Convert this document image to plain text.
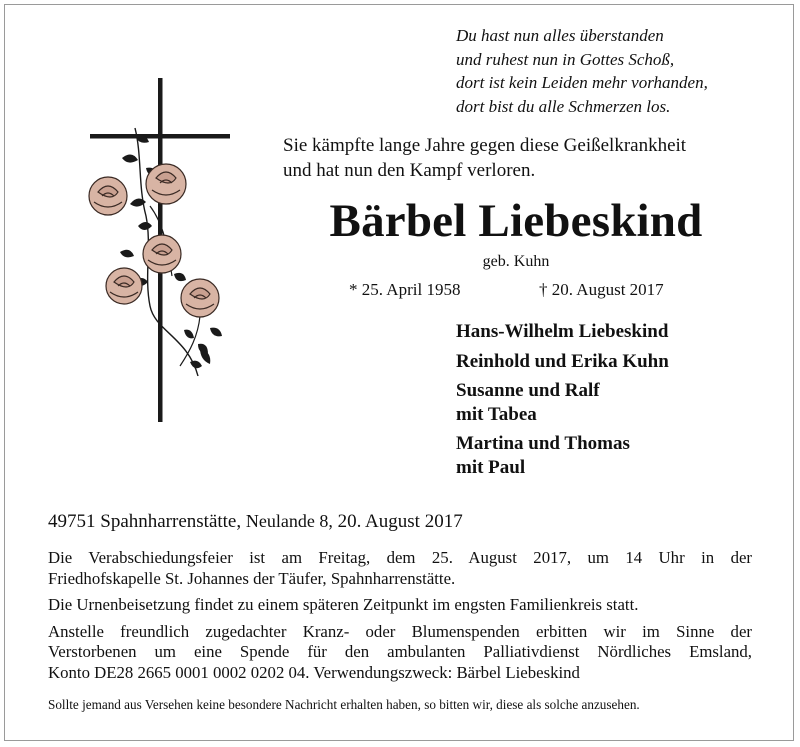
Du hast nun alles überstanden
und ruhest nun in Gottes Schoß,
dort ist kein Leiden mehr vorhanden,
dort bist du alle Schmerzen los.
Sie kämpfte lange Jahre gegen diese Geißelkrankheit
und hat nun den Kampf verloren.
Bärbel Liebeskind
geb. Kuhn
* 25. April 1958	† 20. August 2017
Hans-Wilhelm Liebeskind
Reinhold und Erika Kuhn
Susanne und Ralf
mit Tabea
Martina und Thomas
mit Paul
49751 Spahnharrenstätte, Neulande 8, 20. August 2017

Die Verabschiedungsfeier ist am Freitag, dem 25. August 2017, um 14 Uhr in der
Friedhofskapelle St. Johannes der Täufer, Spahnharrenstätte.

Die Urnenbeisetzung findet zu einem späteren Zeitpunkt im engsten Familienkreis statt.

Anstelle freundlich zugedachter Kranz- oder Blumenspenden erbitten wir im Sinne der
Verstorbenen um eine Spende für den ambulanten Palliativdienst Nördliches Emsland,
Konto DE28 2665 0001 0002 0202 04. Verwendungszweck: Bärbel Liebeskind

Sollte jemand aus Versehen keine besondere Nachricht erhalten haben, so bitten wir, diese als solche anzusehen.
